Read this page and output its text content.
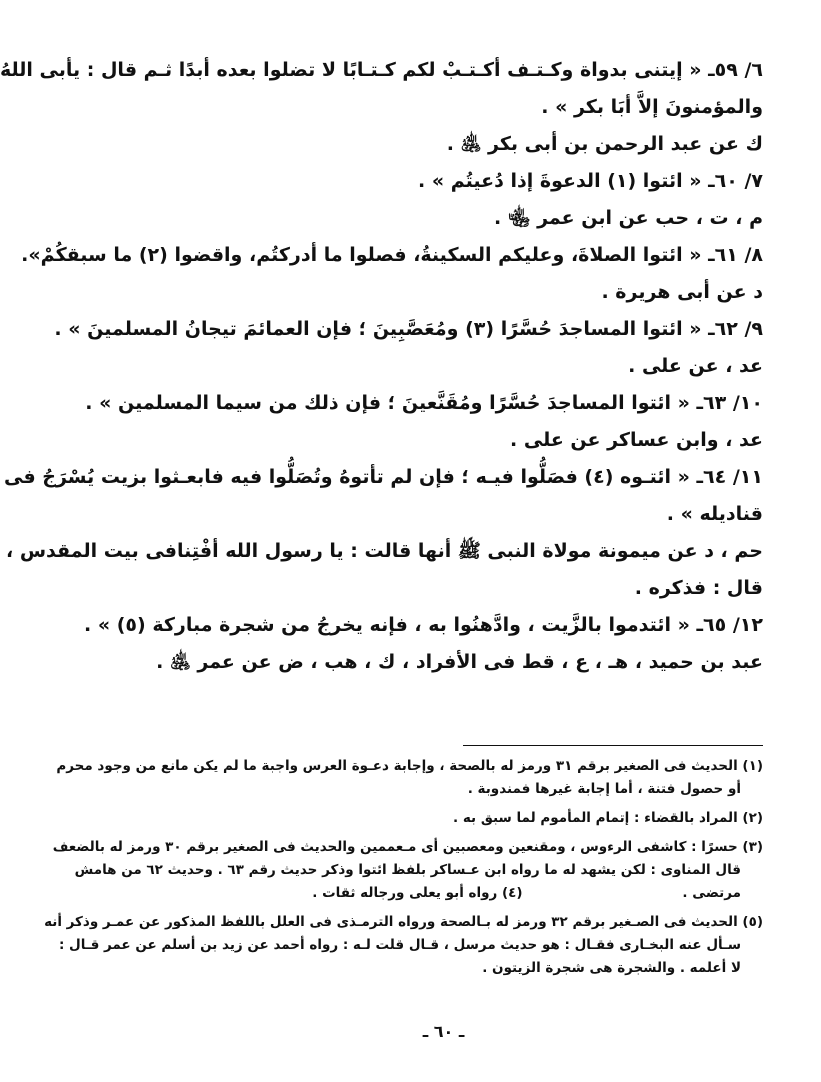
٦/ ٥٩ـ « إيتنى بدواة وكـتـف أكـتـبْ لكم كـتـابًا لا تضلوا بعده أبدًا ثـم قال : يأبى اللهُ
والمؤمنونَ إلاَّ أبَا بكر » .
ك عن عبد الرحمن بن أبى بكر ﵁ .
٧/ ٦٠ـ « ائتوا (١) الدعوةَ إذا دُعيتُم » .
م ، ت ، حب عن ابن عمر ﵄ .
٨/ ٦١ـ « ائتوا الصلاةَ، وعليكم السكينةُ، فصلوا ما أدركتُم، واقضوا (٢) ما سبقكُمْ».
د عن أبى هريرة .
٩/ ٦٢ـ « ائتوا المساجدَ حُسَّرًا (٣) ومُعَصَّبِينَ ؛ فإن العمائمَ تيجانُ المسلمينَ » .
عد ، عن على .
١٠/ ٦٣ـ « ائتوا المساجدَ حُسَّرًا ومُقَنَّعينَ ؛ فإن ذلك من سيما المسلمين » .
عد ، وابن عساكر عن على .
١١/ ٦٤ـ « ائتـوه (٤) فصَلُّوا فيـه ؛ فإن لم تأتوهُ وتُصَلُّوا فيه فابعـثوا بزيت يُسْرَجُ فى
قناديله » .
حم ، د عن ميمونة مولاة النبى ﷺ أنها قالت : يا رسول الله أفْتِنافى بيت المقدس ،
قال : فذكره .
١٢/ ٦٥ـ « ائتدموا بالزَّيت ، وادَّهنُوا به ، فإنه يخرجُ من شجرة مباركة (٥) » .
عبد بن حميد ، هـ ، ع ، قط فى الأفراد ، ك ، هب ، ض عن عمر ﵁ .
(١) الحديث فى الصغير برقم ٣١ ورمز له بالصحة ، وإجابة دعـوة العرس واجبة ما لم يكن مانع من وجود محرم
أو حصول فتنة ، أما إجابة غيرها فمندوبة .
(٢) المراد بالقضاء : إتمام المأموم لما سبق به .
(٣) حسرًا : كاشفى الرءوس ، ومقنعين ومعصبين أى مـعممين والحديث فى الصغير برقم ٣٠ ورمز له بالضعف
قال المناوى : لكن يشهد له ما رواه ابن عـساكر بلفظ ائتوا وذكر حديث رقم ٦٣ . وحديث ٦٢ من هامش
مرتضى .                                  (٤) رواه أبو يعلى ورجاله ثقات .
(٥) الحديث فى الصـغير برقم ٣٢ ورمز له بـالصحة ورواه الترمـذى فى العلل باللفظ المذكور عن عمـر وذكر أنه
سـأل عنه البخـارى فقـال : هو حديث مرسل ، قـال قلت لـه : رواه أحمد عن زيد بن أسلم عن عمر قـال :
لا أعلمه . والشجرة هى شجرة الزيتون .
ـ ٦٠ ـ
